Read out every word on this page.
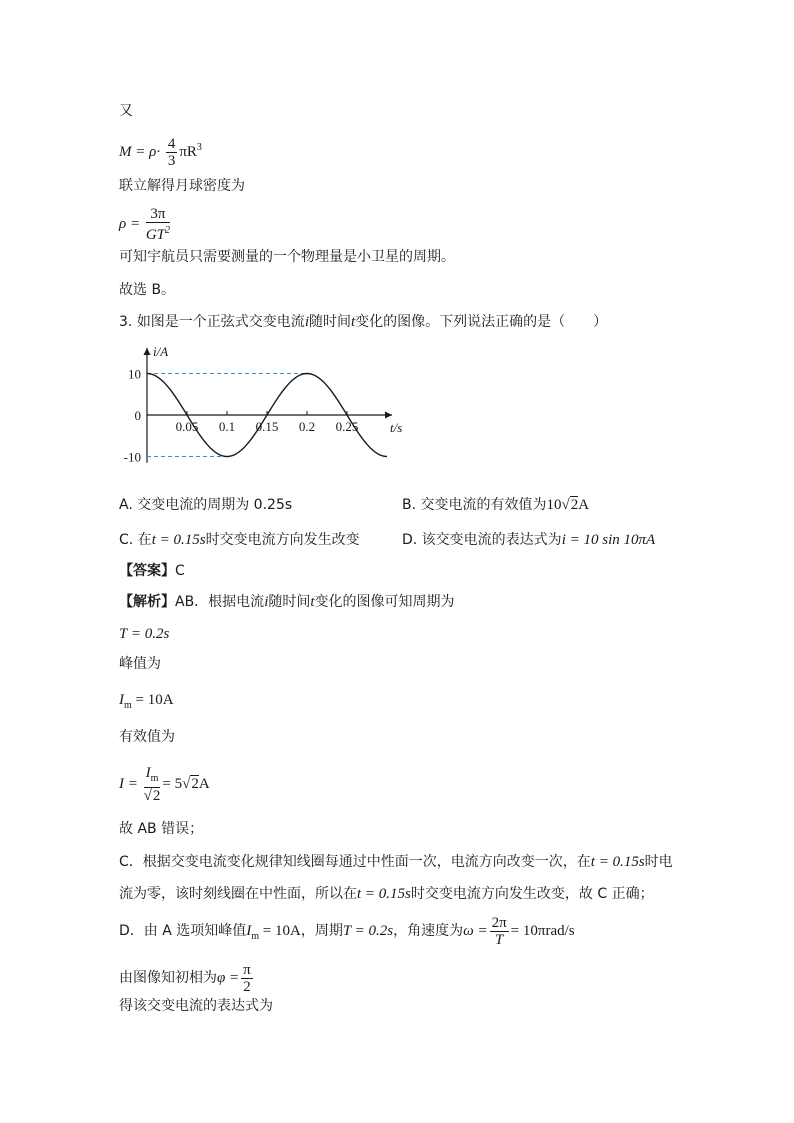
又
$M = \rho\cdot \frac{4}{3} \pi R^3$
联立解得月球密度为
$\rho = \frac{3\pi}{GT^2}$
可知宇航员只需要测量的一个物理量是小卫星的周期。
故选 B。
3. 如图是一个正弦式交变电流i随时间t变化的图像。下列说法正确的是（　　）
0.05 0.1 0.15 0.2 0.25
10
0
-10
i/A
t/s
A. 交变电流的周期为 0.25s	B. 交变电流的有效值为10√2A
C. 在t = 0.15s时交变电流方向发生改变	D. 该交变电流的表达式为i = 10 sin 10πA
【答案】C
【解析】AB．根据电流i随时间t变化的图像可知周期为
T = 0.2s
峰值为
$I_m = 10A$
有效值为
$I = \frac{I_m}{√2} = 5√2A$
故 AB 错误；
C．根据交变电流变化规律知线圈每通过中性面一次，电流方向改变一次，在t = 0.15s时电
流为零，该时刻线圈在中性面，所以在t = 0.15s时交变电流方向发生改变，故 C 正确；
D．由 A 选项知峰值$I_m = 10A$，周期T = 0.2s，角速度为$\omega = \frac{2\pi}{T} = 10\pi rad/s$
由图像知初相为$\varphi = \frac{\pi}{2}$
得该交变电流的表达式为
